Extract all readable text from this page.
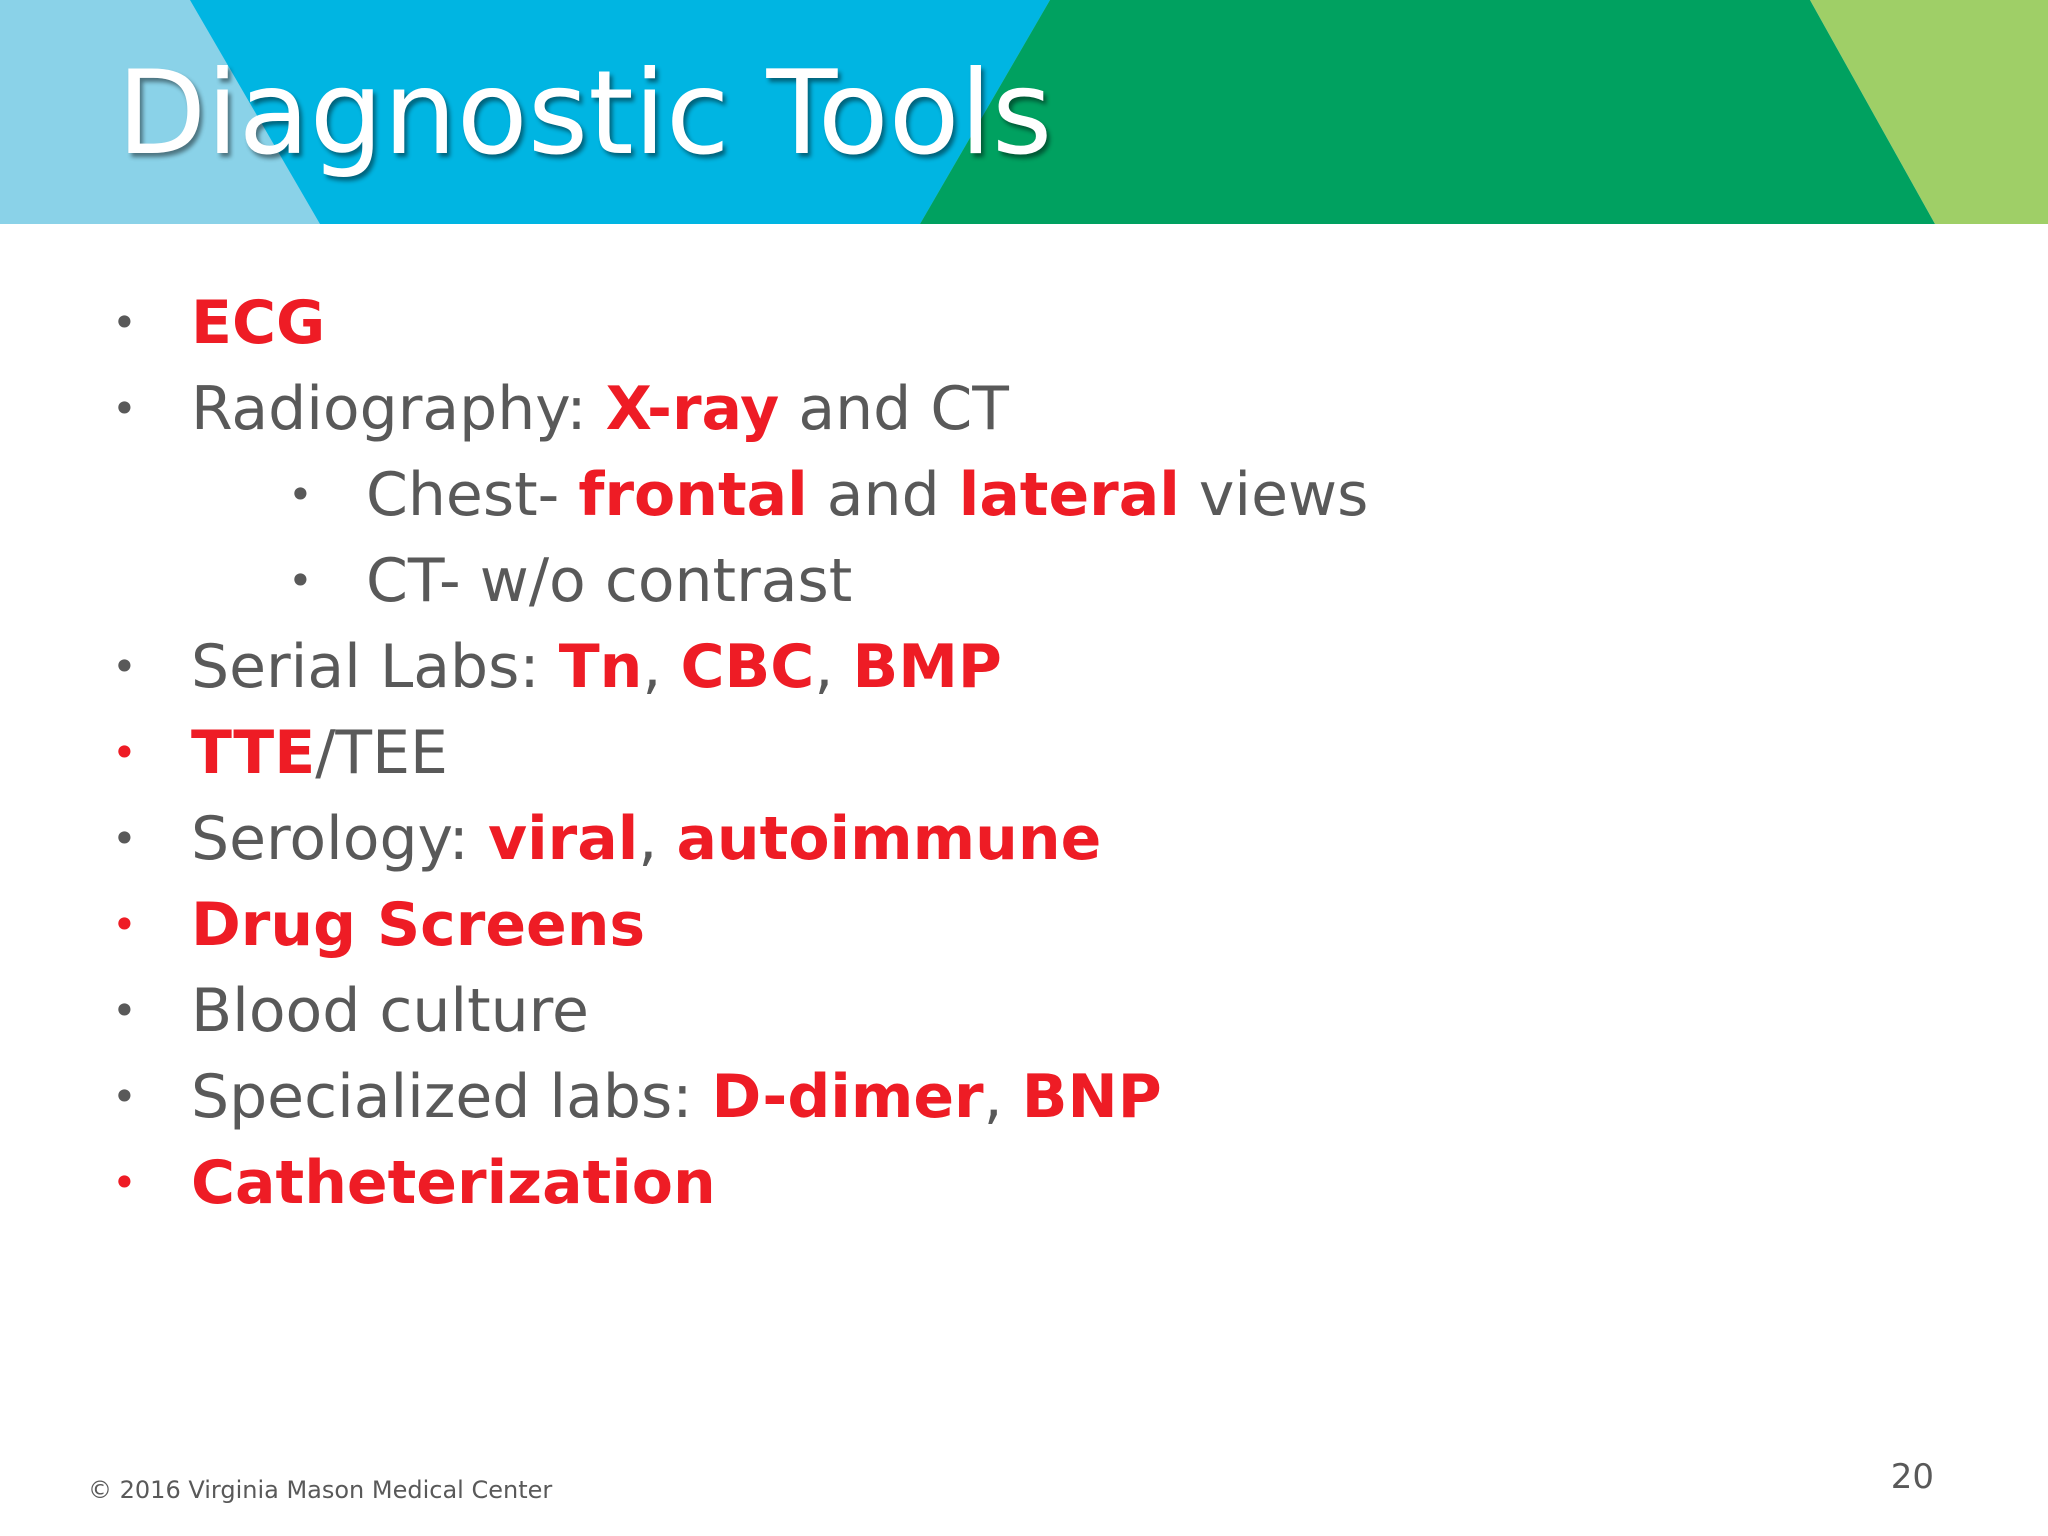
Diagnostic Tools
• ECG
• Radiography: X-ray and CT
• Chest- frontal and lateral views
• CT- w/o contrast
• Serial Labs: Tn, CBC, BMP
• TTE/TEE
• Serology: viral, autoimmune
• Drug Screens
• Blood culture
• Specialized labs: D-dimer, BNP
• Catheterization
© 2016 Virginia Mason Medical Center	20
